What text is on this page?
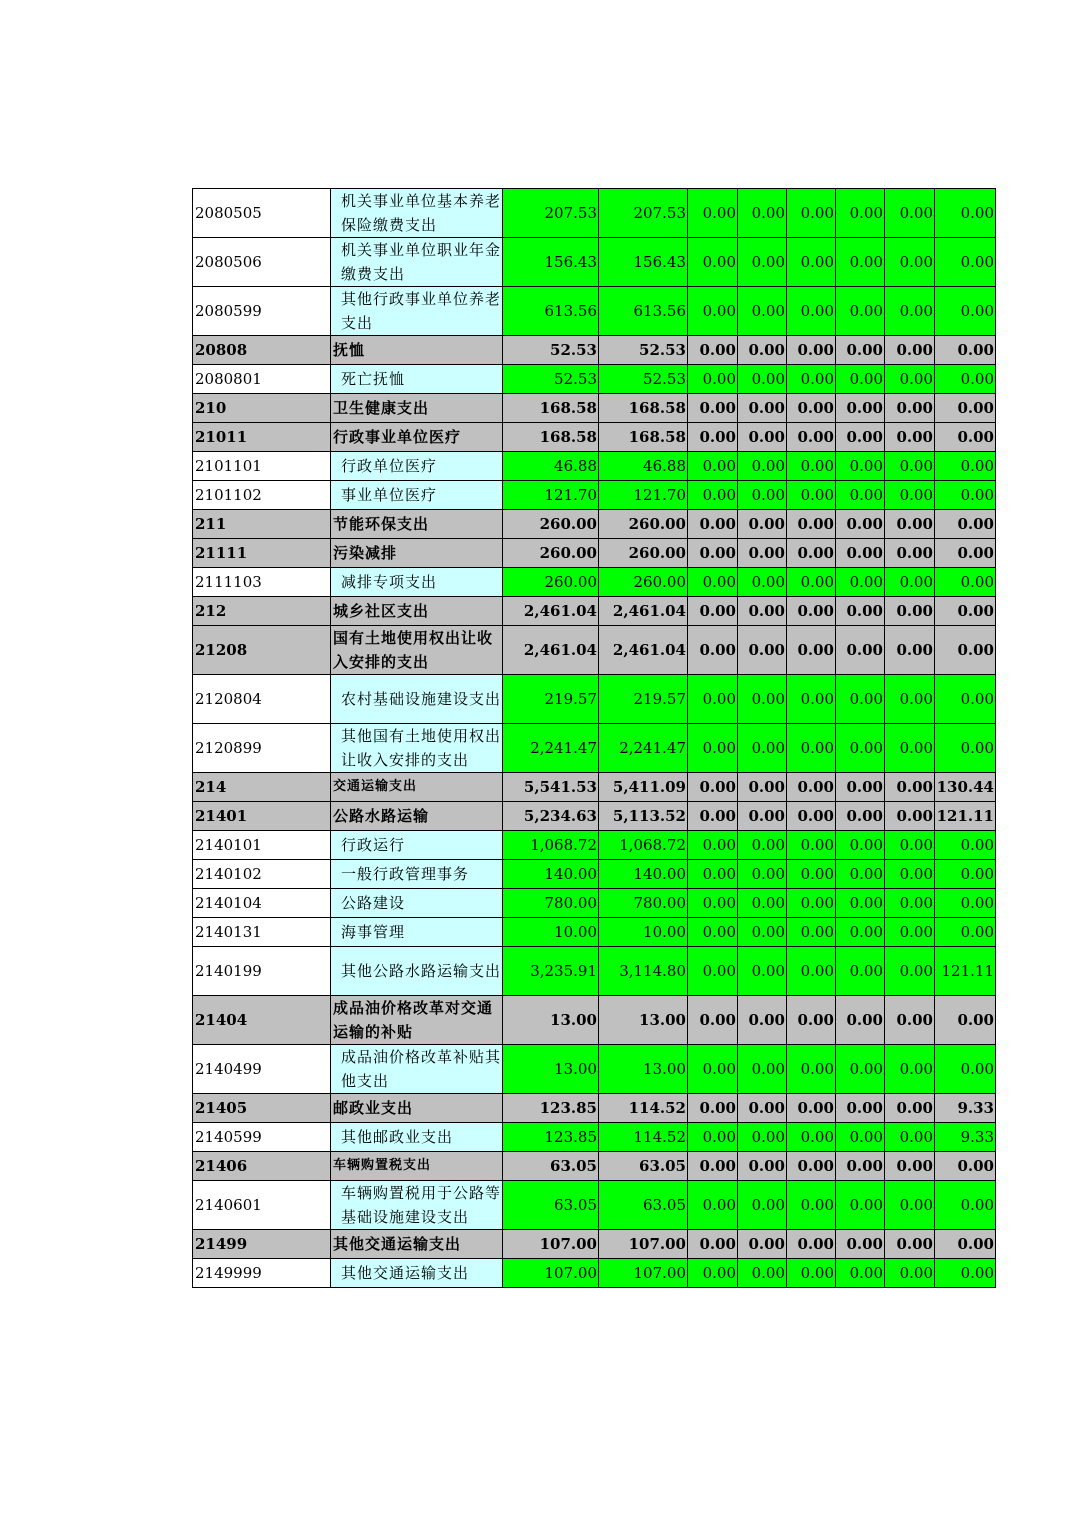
2080505	机关事业单位基本养老保险缴费支出	207.53	207.53	0.00	0.00	0.00	0.00	0.00	0.00
2080506	机关事业单位职业年金缴费支出	156.43	156.43	0.00	0.00	0.00	0.00	0.00	0.00
2080599	其他行政事业单位养老支出	613.56	613.56	0.00	0.00	0.00	0.00	0.00	0.00
20808	抚恤	52.53	52.53	0.00	0.00	0.00	0.00	0.00	0.00
2080801	死亡抚恤	52.53	52.53	0.00	0.00	0.00	0.00	0.00	0.00
210	卫生健康支出	168.58	168.58	0.00	0.00	0.00	0.00	0.00	0.00
21011	行政事业单位医疗	168.58	168.58	0.00	0.00	0.00	0.00	0.00	0.00
2101101	行政单位医疗	46.88	46.88	0.00	0.00	0.00	0.00	0.00	0.00
2101102	事业单位医疗	121.70	121.70	0.00	0.00	0.00	0.00	0.00	0.00
211	节能环保支出	260.00	260.00	0.00	0.00	0.00	0.00	0.00	0.00
21111	污染减排	260.00	260.00	0.00	0.00	0.00	0.00	0.00	0.00
2111103	减排专项支出	260.00	260.00	0.00	0.00	0.00	0.00	0.00	0.00
212	城乡社区支出	2,461.04	2,461.04	0.00	0.00	0.00	0.00	0.00	0.00
21208	国有土地使用权出让收入安排的支出	2,461.04	2,461.04	0.00	0.00	0.00	0.00	0.00	0.00
2120804	农村基础设施建设支出	219.57	219.57	0.00	0.00	0.00	0.00	0.00	0.00
2120899	其他国有土地使用权出让收入安排的支出	2,241.47	2,241.47	0.00	0.00	0.00	0.00	0.00	0.00
214	交通运输支出	5,541.53	5,411.09	0.00	0.00	0.00	0.00	0.00	130.44
21401	公路水路运输	5,234.63	5,113.52	0.00	0.00	0.00	0.00	0.00	121.11
2140101	行政运行	1,068.72	1,068.72	0.00	0.00	0.00	0.00	0.00	0.00
2140102	一般行政管理事务	140.00	140.00	0.00	0.00	0.00	0.00	0.00	0.00
2140104	公路建设	780.00	780.00	0.00	0.00	0.00	0.00	0.00	0.00
2140131	海事管理	10.00	10.00	0.00	0.00	0.00	0.00	0.00	0.00
2140199	其他公路水路运输支出	3,235.91	3,114.80	0.00	0.00	0.00	0.00	0.00	121.11
21404	成品油价格改革对交通运输的补贴	13.00	13.00	0.00	0.00	0.00	0.00	0.00	0.00
2140499	成品油价格改革补贴其他支出	13.00	13.00	0.00	0.00	0.00	0.00	0.00	0.00
21405	邮政业支出	123.85	114.52	0.00	0.00	0.00	0.00	0.00	9.33
2140599	其他邮政业支出	123.85	114.52	0.00	0.00	0.00	0.00	0.00	9.33
21406	车辆购置税支出	63.05	63.05	0.00	0.00	0.00	0.00	0.00	0.00
2140601	车辆购置税用于公路等基础设施建设支出	63.05	63.05	0.00	0.00	0.00	0.00	0.00	0.00
21499	其他交通运输支出	107.00	107.00	0.00	0.00	0.00	0.00	0.00	0.00
2149999	其他交通运输支出	107.00	107.00	0.00	0.00	0.00	0.00	0.00	0.00
